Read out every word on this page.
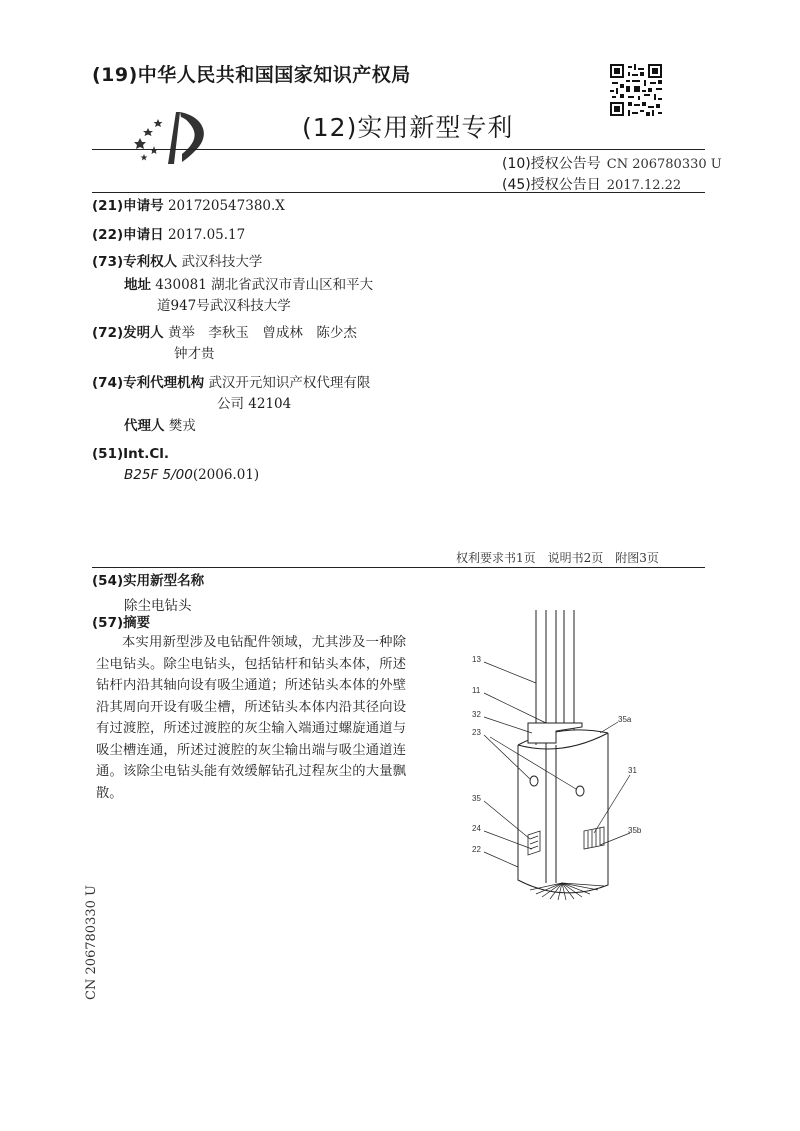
(19)中华人民共和国国家知识产权局
(12)实用新型专利
(10)授权公告号 CN 206780330 U
(45)授权公告日 2017.12.22
(21)申请号 201720547380.X
(22)申请日 2017.05.17
(73)专利权人 武汉科技大学
地址 430081 湖北省武汉市青山区和平大
道947号武汉科技大学
(72)发明人 黄举　李秋玉　曾成林　陈少杰
钟才贵
(74)专利代理机构 武汉开元知识产权代理有限
公司 42104
代理人 樊戎
(51)Int.Cl.
B25F 5/00(2006.01)
权利要求书1页　说明书2页　附图3页
(54)实用新型名称
除尘电钻头
(57)摘要
本实用新型涉及电钻配件领域，尤其涉及一种除尘电钻头。除尘电钻头，包括钻杆和钻头本体，所述钻杆内沿其轴向设有吸尘通道；所述钻头本体的外壁沿其周向开设有吸尘槽，所述钻头本体内沿其径向设有过渡腔，所述过渡腔的灰尘输入端通过螺旋通道与吸尘槽连通，所述过渡腔的灰尘输出端与吸尘通道连通。该除尘电钻头能有效缓解钻孔过程灰尘的大量飘散。
13
11
32
23
35a
31
35
24	35b
22
CN 206780330 U
